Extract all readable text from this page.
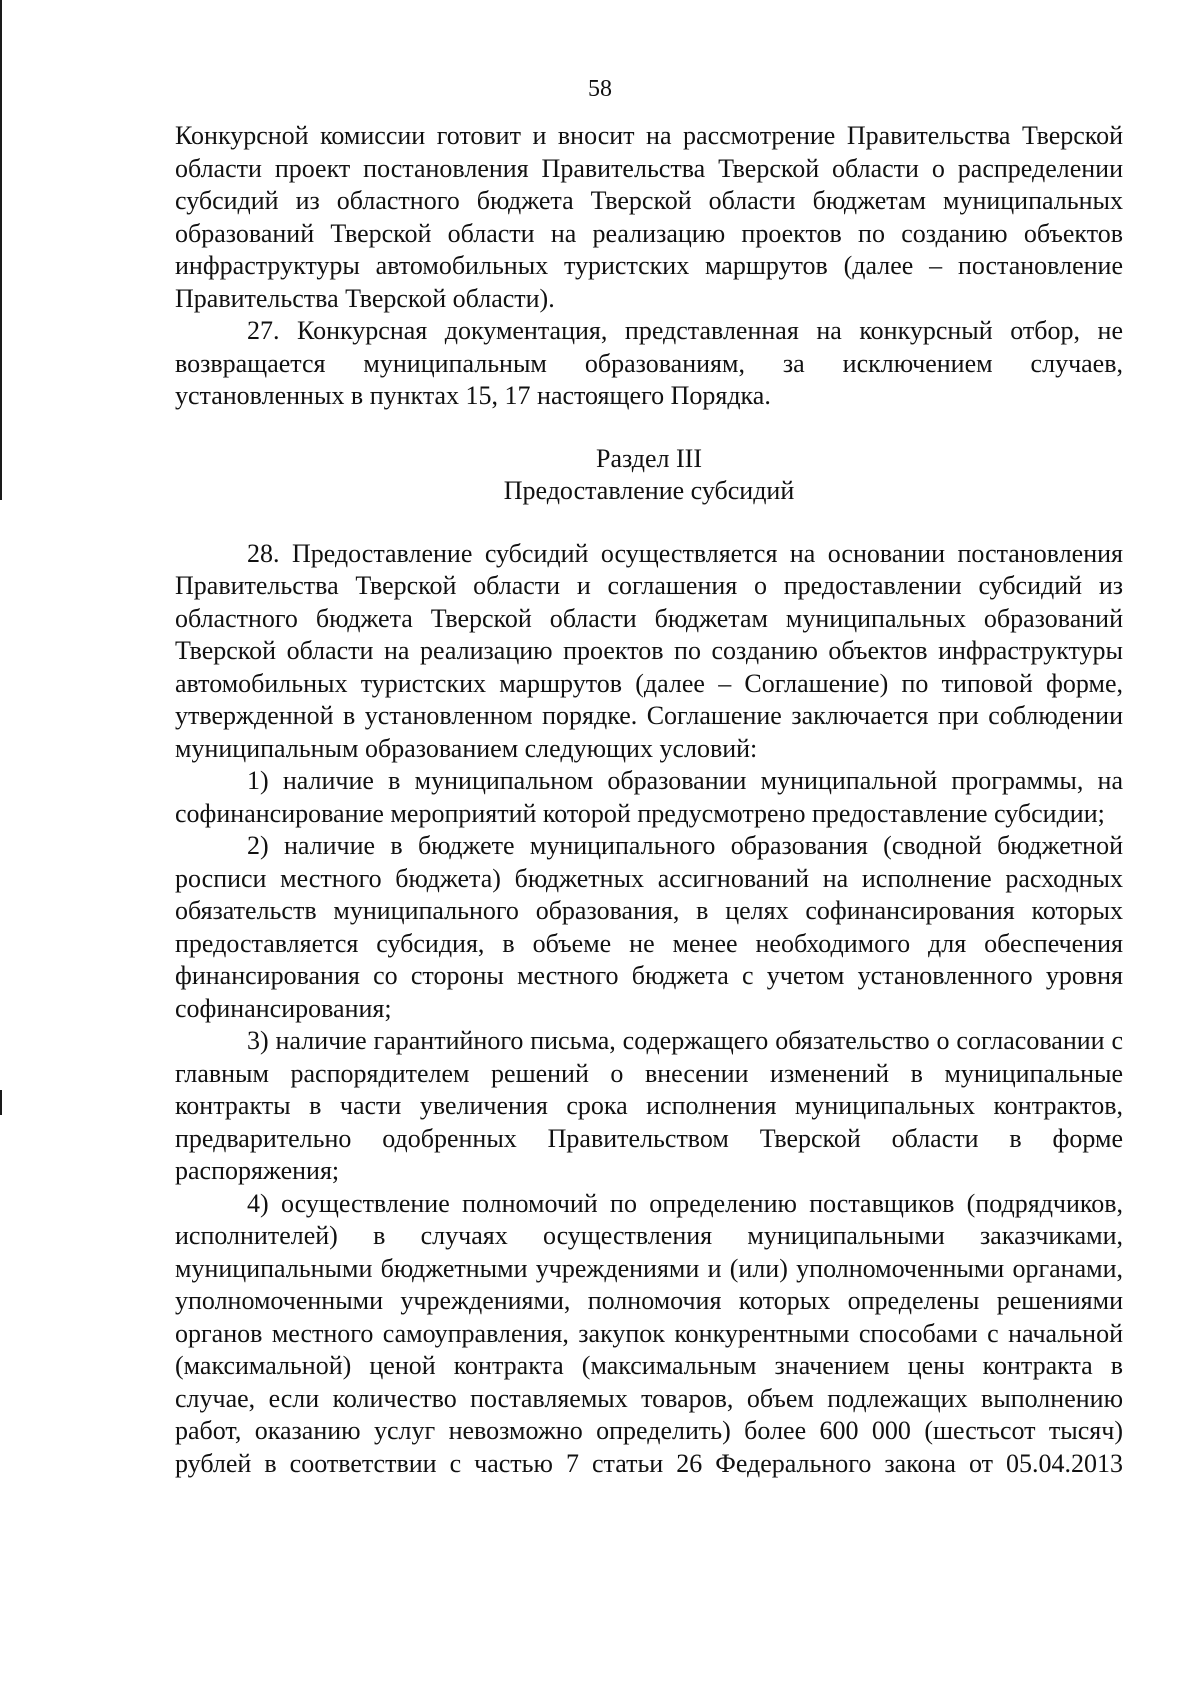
58

Конкурсной комиссии готовит и вносит на рассмотрение Правительства Тверской области проект постановления Правительства Тверской области о распределении субсидий из областного бюджета Тверской области бюджетам муниципальных образований Тверской области на реализацию проектов по созданию объектов инфраструктуры автомобильных туристских маршрутов (далее – постановление Правительства Тверской области).

27. Конкурсная документация, представленная на конкурсный отбор, не возвращается муниципальным образованиям, за исключением случаев, установленных в пунктах 15, 17 настоящего Порядка.

Раздел III
Предоставление субсидий

28. Предоставление субсидий осуществляется на основании постановления Правительства Тверской области и соглашения о предоставлении субсидий из областного бюджета Тверской области бюджетам муниципальных образований Тверской области на реализацию проектов по созданию объектов инфраструктуры автомобильных туристских маршрутов (далее – Соглашение) по типовой форме, утвержденной в установленном порядке. Соглашение заключается при соблюдении муниципальным образованием следующих условий:

1) наличие в муниципальном образовании муниципальной программы, на софинансирование мероприятий которой предусмотрено предоставление субсидии;

2) наличие в бюджете муниципального образования (сводной бюджетной росписи местного бюджета) бюджетных ассигнований на исполнение расходных обязательств муниципального образования, в целях софинансирования которых предоставляется субсидия, в объеме не менее необходимого для обеспечения финансирования со стороны местного бюджета с учетом установленного уровня софинансирования;

3) наличие гарантийного письма, содержащего обязательство о согласовании с главным распорядителем решений о внесении изменений в муниципальные контракты в части увеличения срока исполнения муниципальных контрактов, предварительно одобренных Правительством Тверской области в форме распоряжения;

4) осуществление полномочий по определению поставщиков (подрядчиков, исполнителей) в случаях осуществления муниципальными заказчиками, муниципальными бюджетными учреждениями и (или) уполномоченными органами, уполномоченными учреждениями, полномочия которых определены решениями органов местного самоуправления, закупок конкурентными способами с начальной (максимальной) ценой контракта (максимальным значением цены контракта в случае, если количество поставляемых товаров, объем подлежащих выполнению работ, оказанию услуг невозможно определить) более 600 000 (шестьсот тысяч) рублей в соответствии с частью 7 статьи 26 Федерального закона от 05.04.2013
